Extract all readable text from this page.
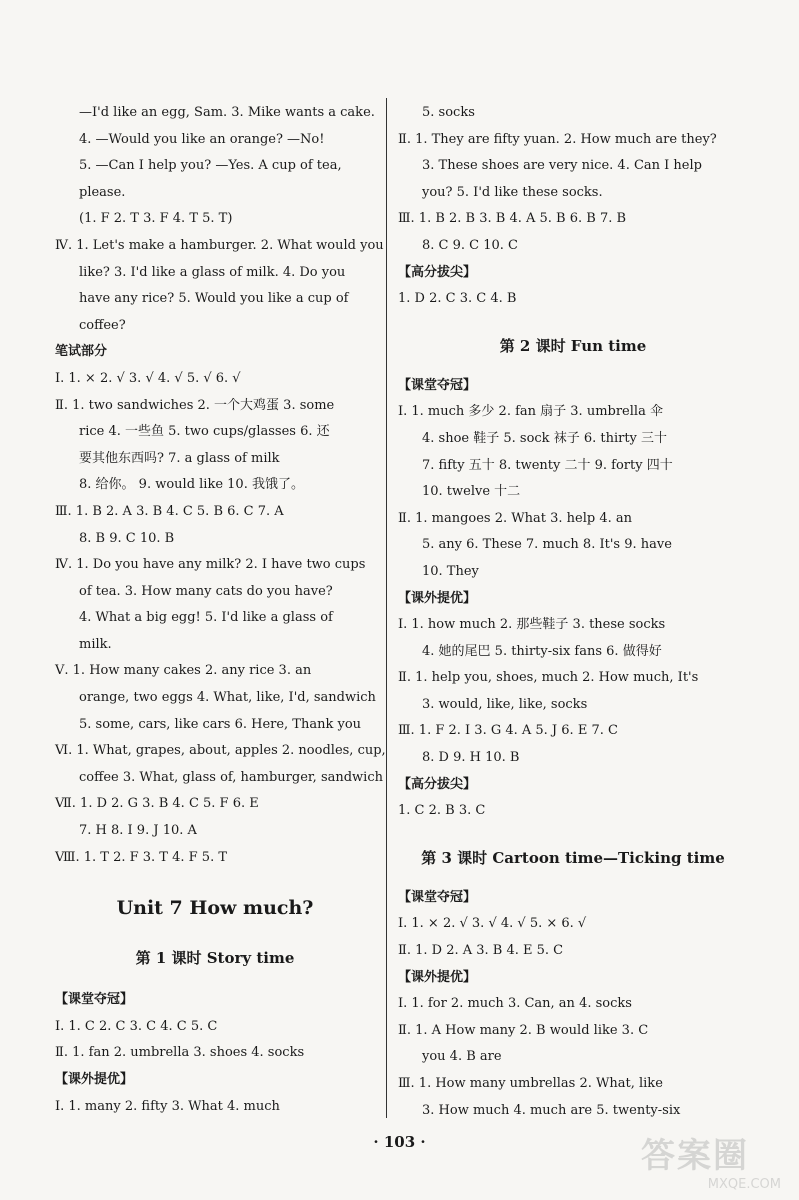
—I'd like an egg, Sam. 3. Mike wants a cake.
4. —Would you like an orange? —No!
5. —Can I help you? —Yes. A cup of tea,
please.
(1. F 2. T 3. F 4. T 5. T)
Ⅳ. 1. Let's make a hamburger. 2. What would you
like? 3. I'd like a glass of milk. 4. Do you
have any rice? 5. Would you like a cup of
coffee?
笔试部分
Ⅰ. 1. × 2. √ 3. √ 4. √ 5. √ 6. √
Ⅱ. 1. two sandwiches 2. 一个大鸡蛋 3. some
rice 4. 一些鱼 5. two cups/glasses 6. 还
要其他东西吗? 7. a glass of milk
8. 给你。 9. would like 10. 我饿了。
Ⅲ. 1. B 2. A 3. B 4. C 5. B 6. C 7. A
8. B 9. C 10. B
Ⅳ. 1. Do you have any milk? 2. I have two cups
of tea. 3. How many cats do you have?
4. What a big egg! 5. I'd like a glass of
milk.
Ⅴ. 1. How many cakes 2. any rice 3. an
orange, two eggs 4. What, like, I'd, sandwich
5. some, cars, like cars 6. Here, Thank you
Ⅵ. 1. What, grapes, about, apples 2. noodles, cup,
coffee 3. What, glass of, hamburger, sandwich
Ⅶ. 1. D 2. G 3. B 4. C 5. F 6. E
7. H 8. I 9. J 10. A
Ⅷ. 1. T 2. F 3. T 4. F 5. T
Unit 7 How much?
第 1 课时 Story time
【课堂夺冠】
Ⅰ. 1. C 2. C 3. C 4. C 5. C
Ⅱ. 1. fan 2. umbrella 3. shoes 4. socks
【课外提优】
Ⅰ. 1. many 2. fifty 3. What 4. much
5. socks
Ⅱ. 1. They are fifty yuan. 2. How much are they?
3. These shoes are very nice. 4. Can I help
you? 5. I'd like these socks.
Ⅲ. 1. B 2. B 3. B 4. A 5. B 6. B 7. B
8. C 9. C 10. C
【高分拔尖】
1. D 2. C 3. C 4. B
第 2 课时 Fun time
【课堂夺冠】
Ⅰ. 1. much 多少 2. fan 扇子 3. umbrella 伞
4. shoe 鞋子 5. sock 袜子 6. thirty 三十
7. fifty 五十 8. twenty 二十 9. forty 四十
10. twelve 十二
Ⅱ. 1. mangoes 2. What 3. help 4. an
5. any 6. These 7. much 8. It's 9. have
10. They
【课外提优】
Ⅰ. 1. how much 2. 那些鞋子 3. these socks
4. 她的尾巴 5. thirty-six fans 6. 做得好
Ⅱ. 1. help you, shoes, much 2. How much, It's
3. would, like, like, socks
Ⅲ. 1. F 2. I 3. G 4. A 5. J 6. E 7. C
8. D 9. H 10. B
【高分拔尖】
1. C 2. B 3. C
第 3 课时 Cartoon time—Ticking time
【课堂夺冠】
Ⅰ. 1. × 2. √ 3. √ 4. √ 5. × 6. √
Ⅱ. 1. D 2. A 3. B 4. E 5. C
【课外提优】
Ⅰ. 1. for 2. much 3. Can, an 4. socks
Ⅱ. 1. A How many 2. B would like 3. C
you 4. B are
Ⅲ. 1. How many umbrellas 2. What, like
3. How much 4. much are 5. twenty-six
· 103 ·	答案圈
MXQE.COM
